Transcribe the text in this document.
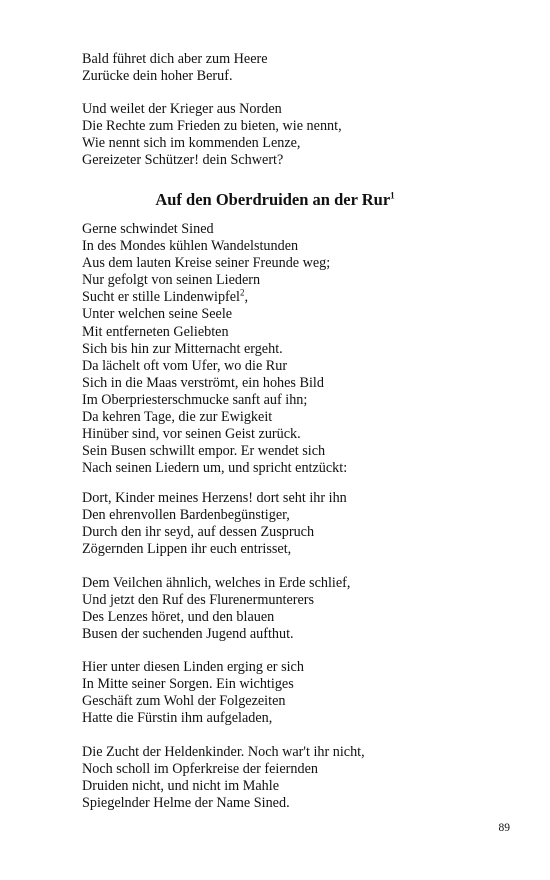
Bald führet dich aber zum Heere
Zurücke dein hoher Beruf.
Und weilet der Krieger aus Norden
Die Rechte zum Frieden zu bieten, wie nennt,
Wie nennt sich im kommenden Lenze,
Gereizeter Schützer! dein Schwert?
Auf den Oberdruiden an der Rur$^1$
Gerne schwindet Sined
In des Mondes kühlen Wandelstunden
Aus dem lauten Kreise seiner Freunde weg;
Nur gefolgt von seinen Liedern
Sucht er stille Lindenwipfel$^2$,
Unter welchen seine Seele
Mit entferneten Geliebten
Sich bis hin zur Mitternacht ergeht.
Da lächelt oft vom Ufer, wo die Rur
Sich in die Maas verströmt, ein hohes Bild
Im Oberpriesterschmucke sanft auf ihn;
Da kehren Tage, die zur Ewigkeit
Hinüber sind, vor seinen Geist zurück.
Sein Busen schwillt empor. Er wendet sich
Nach seinen Liedern um, und spricht entzückt:
Dort, Kinder meines Herzens! dort seht ihr ihn
Den ehrenvollen Bardenbegünstiger,
Durch den ihr seyd, auf dessen Zuspruch
Zögernden Lippen ihr euch entrisset,
Dem Veilchen ähnlich, welches in Erde schlief,
Und jetzt den Ruf des Flurenermunterers
Des Lenzes höret, und den blauen
Busen der suchenden Jugend aufthut.
Hier unter diesen Linden erging er sich
In Mitte seiner Sorgen. Ein wichtiges
Geschäft zum Wohl der Folgezeiten
Hatte die Fürstin ihm aufgeladen,
Die Zucht der Heldenkinder. Noch war't ihr nicht,
Noch scholl im Opferkreise der feiernden
Druiden nicht, und nicht im Mahle
Spiegelnder Helme der Name Sined.
89
